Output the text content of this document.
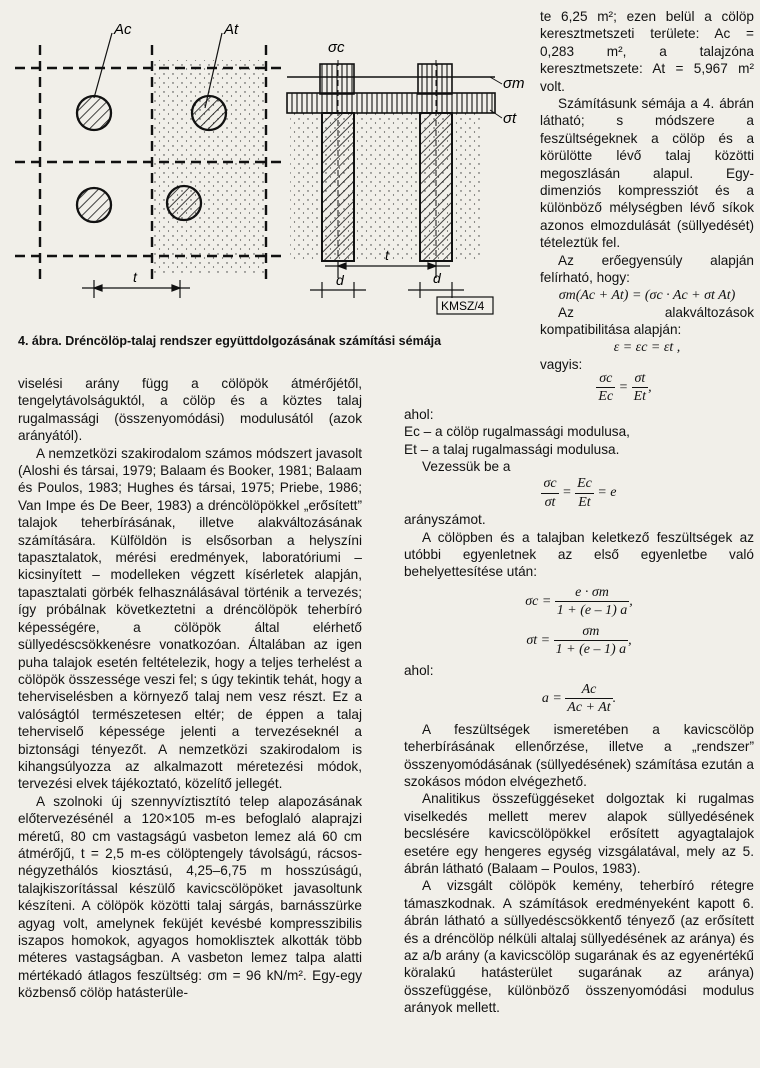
Ac	At
t
σc
σm
σt
t
d	d
KMSZ/4
4. ábra. Dréncölöp-talaj rendszer együttdolgozásának számítási sémája

te 6,25 m²; ezen belül a cölöp keresztmetszeti területe: Ac = 0,283 m², a talajzóna keresztmetszete: At = 5,967 m² volt.

Számításunk sémája a 4. ábrán látható; s módszere a feszültségeknek a cölöp és a körülötte lévő talaj közötti megoszlásán alapul. Egy-dimenziós kompressziót és a különböző mélységben lévő síkok azonos elmozdulását (süllyedését) tételeztük fel.

Az erőegyensúly alapján felírható, hogy:

σm(Ac + At) = (σc · Ac + σt At)

Az alakváltozások kompatibilitása alapján:

ε = εc = εt ,

vagyis:

viselési arány függ a cölöpök átmérőjétől, tengelytávolságuktól, a cölöp és a köztes talaj rugalmassági (összenyomódási) modulusától (azok arányától).

A nemzetközi szakirodalom számos módszert javasolt (Aloshi és társai, 1979; Balaam és Booker, 1981; Balaam és Poulos, 1983; Hughes és társai, 1975; Priebe, 1986; Van Impe és De Beer, 1983) a dréncölöpökkel „erősített” talajok teherbírásának, illetve alakváltozásának számítására. Külföldön is elsősorban a helyszíni tapasztalatok, mérési eredmények, laboratóriumi – kicsinyített – modelleken végzett kísérletek alapján, tapasztalati görbék felhasználásával történik a tervezés; így próbálnak következtetni a dréncölöpök teherbíró képességére, a cölöpök által elérhető süllyedéscsökkenésre vonatkozóan. Általában az igen puha talajok esetén feltételezik, hogy a teljes terhelést a cölöpök összessége veszi fel; s úgy tekintik tehát, hogy a teherviselésben a környező talaj nem vesz részt. Ez a valóságtól természetesen eltér; de éppen a talaj teherviselő képessége jelenti a tervezéseknél a biztonsági tényezőt. A nemzetközi szakirodalom is kihangsúlyozza az alkalmazott méretezési módok, tervezési elvek tájékoztató, közelítő jellegét.

A szolnoki új szennyvíztisztító telep alapozásának előtervezésénél a 120×105 m-es befoglaló alaprajzi méretű, 80 cm vastagságú vasbeton lemez alá 60 cm átmérőjű, t = 2,5 m-es cölöptengely távolságú, rácsos-négyzethálós kiosztású, 4,25–6,75 m hosszúságú, talajkiszorítással készülő kavicscölöpöket javasoltunk készíteni. A cölöpök közötti talaj sárgás, barnásszürke agyag volt, amelynek feküjét kevésbé kompresszibilis iszapos homokok, agyagos homoklisztek alkották több méteres vastagságban. A vasbeton lemez talpa alatti mértékadó átlagos feszültség: σm = 96 kN/m². Egy-egy közbenső cölöp hatásterüle-

$\frac{\sigma c}{Ec} = \frac{\sigma t}{Et}$ ,

ahol:

Ec – a cölöp rugalmassági modulusa,

Et – a talaj rugalmassági modulusa.

Vezessük be a

$\frac{\sigma c}{\sigma t} = \frac{Ec}{Et} = e$

arányszámot.

A cölöpben és a talajban keletkező feszültségek az utóbbi egyenletnek az első egyenletbe való behelyettesítése után:

$\sigma c = \frac{e \cdot \sigma m}{1 + (e - 1) a}$ ,
$\sigma t = \frac{\sigma m}{1 + (e - 1) a}$ ,

ahol:

$a = \frac{Ac}{Ac + At}$ .

A feszültségek ismeretében a kavicscölöp teherbírásának ellenőrzése, illetve a „rendszer” összenyomódásának (süllyedésének) számítása ezután a szokásos módon elvégezhető.

Analitikus összefüggéseket dolgoztak ki rugalmas viselkedés mellett merev alapok süllyedésének becslésére kavicscölöpökkel erősített agyagtalajok esetére egy hengeres egység vizsgálatával, mely az 5. ábrán látható (Balaam – Poulos, 1983).

A vizsgált cölöpök kemény, teherbíró rétegre támaszkodnak. A számítások eredményeként kapott 6. ábrán látható a süllyedéscsökkentő tényező (az erősített és a dréncölöp nélküli altalaj süllyedésének az aránya) és az a/b arány (a kavicscölöp sugarának és az egyenértékű köralakú hatásterület sugarának az aránya) összefüggése, különböző összenyomódási modulus arányok mellett.
